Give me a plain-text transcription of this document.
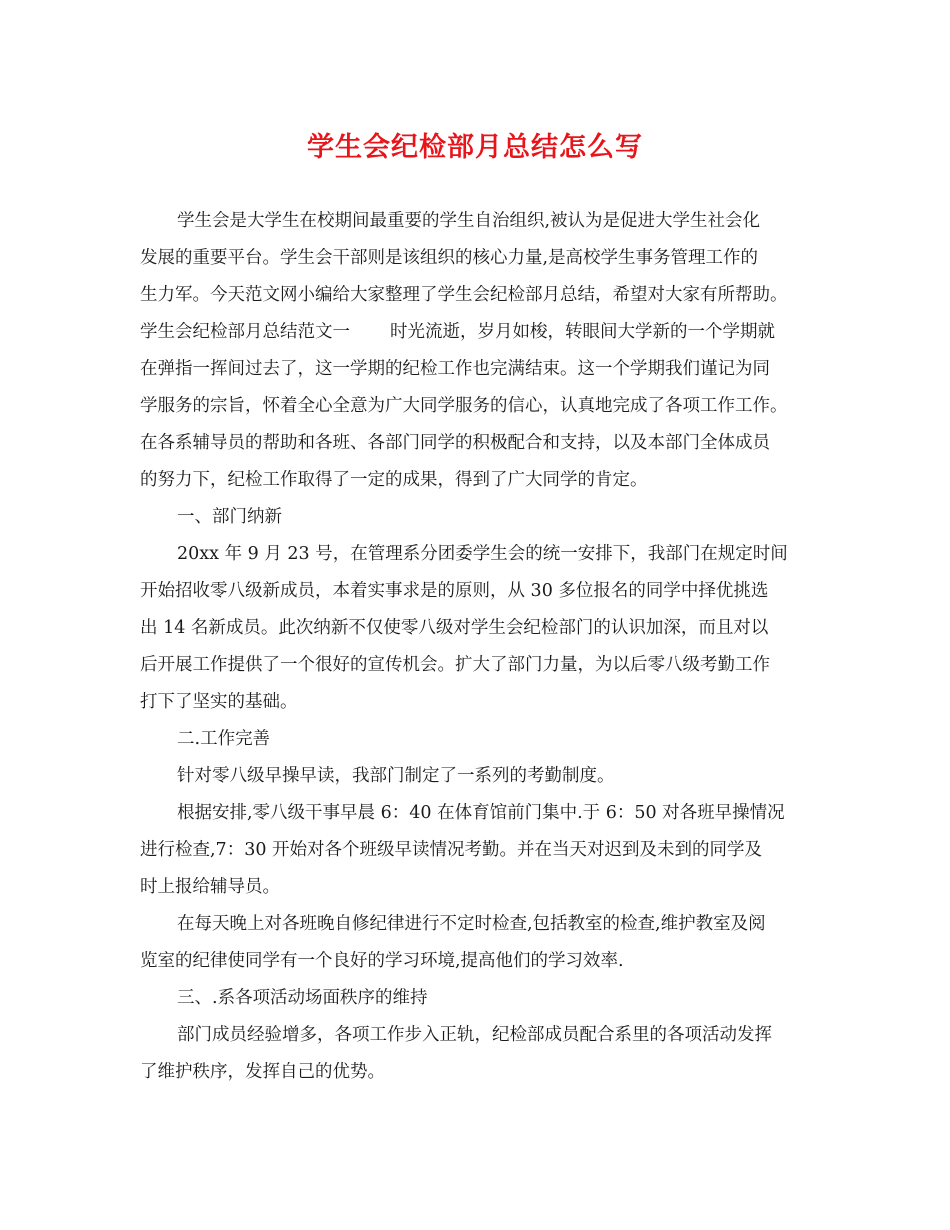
学生会纪检部月总结怎么写
学生会是大学生在校期间最重要的学生自治组织,被认为是促进大学生社会化
发展的重要平台。学生会干部则是该组织的核心力量,是高校学生事务管理工作的
生力军。今天范文网小编给大家整理了学生会纪检部月总结，希望对大家有所帮助。
学生会纪检部月总结范文一 时光流逝，岁月如梭，转眼间大学新的一个学期就
在弹指一挥间过去了，这一学期的纪检工作也完满结束。这一个学期我们谨记为同
学服务的宗旨，怀着全心全意为广大同学服务的信心，认真地完成了各项工作工作。
在各系辅导员的帮助和各班、各部门同学的积极配合和支持，以及本部门全体成员
的努力下，纪检工作取得了一定的成果，得到了广大同学的肯定。
一、部门纳新
20xx 年 9 月 23 号，在管理系分团委学生会的统一安排下，我部门在规定时间
开始招收零八级新成员，本着实事求是的原则，从 30 多位报名的同学中择优挑选
出 14 名新成员。此次纳新不仅使零八级对学生会纪检部门的认识加深，而且对以
后开展工作提供了一个很好的宣传机会。扩大了部门力量，为以后零八级考勤工作
打下了坚实的基础。
二.工作完善
针对零八级早操早读，我部门制定了一系列的考勤制度。
根据安排,零八级干事早晨 6：40 在体育馆前门集中.于 6：50 对各班早操情况
进行检查,7：30 开始对各个班级早读情况考勤。并在当天对迟到及未到的同学及
时上报给辅导员。
在每天晚上对各班晚自修纪律进行不定时检查,包括教室的检查,维护教室及阅
览室的纪律使同学有一个良好的学习环境,提高他们的学习效率.
三、.系各项活动场面秩序的维持
部门成员经验增多，各项工作步入正轨，纪检部成员配合系里的各项活动发挥
了维护秩序，发挥自己的优势。
